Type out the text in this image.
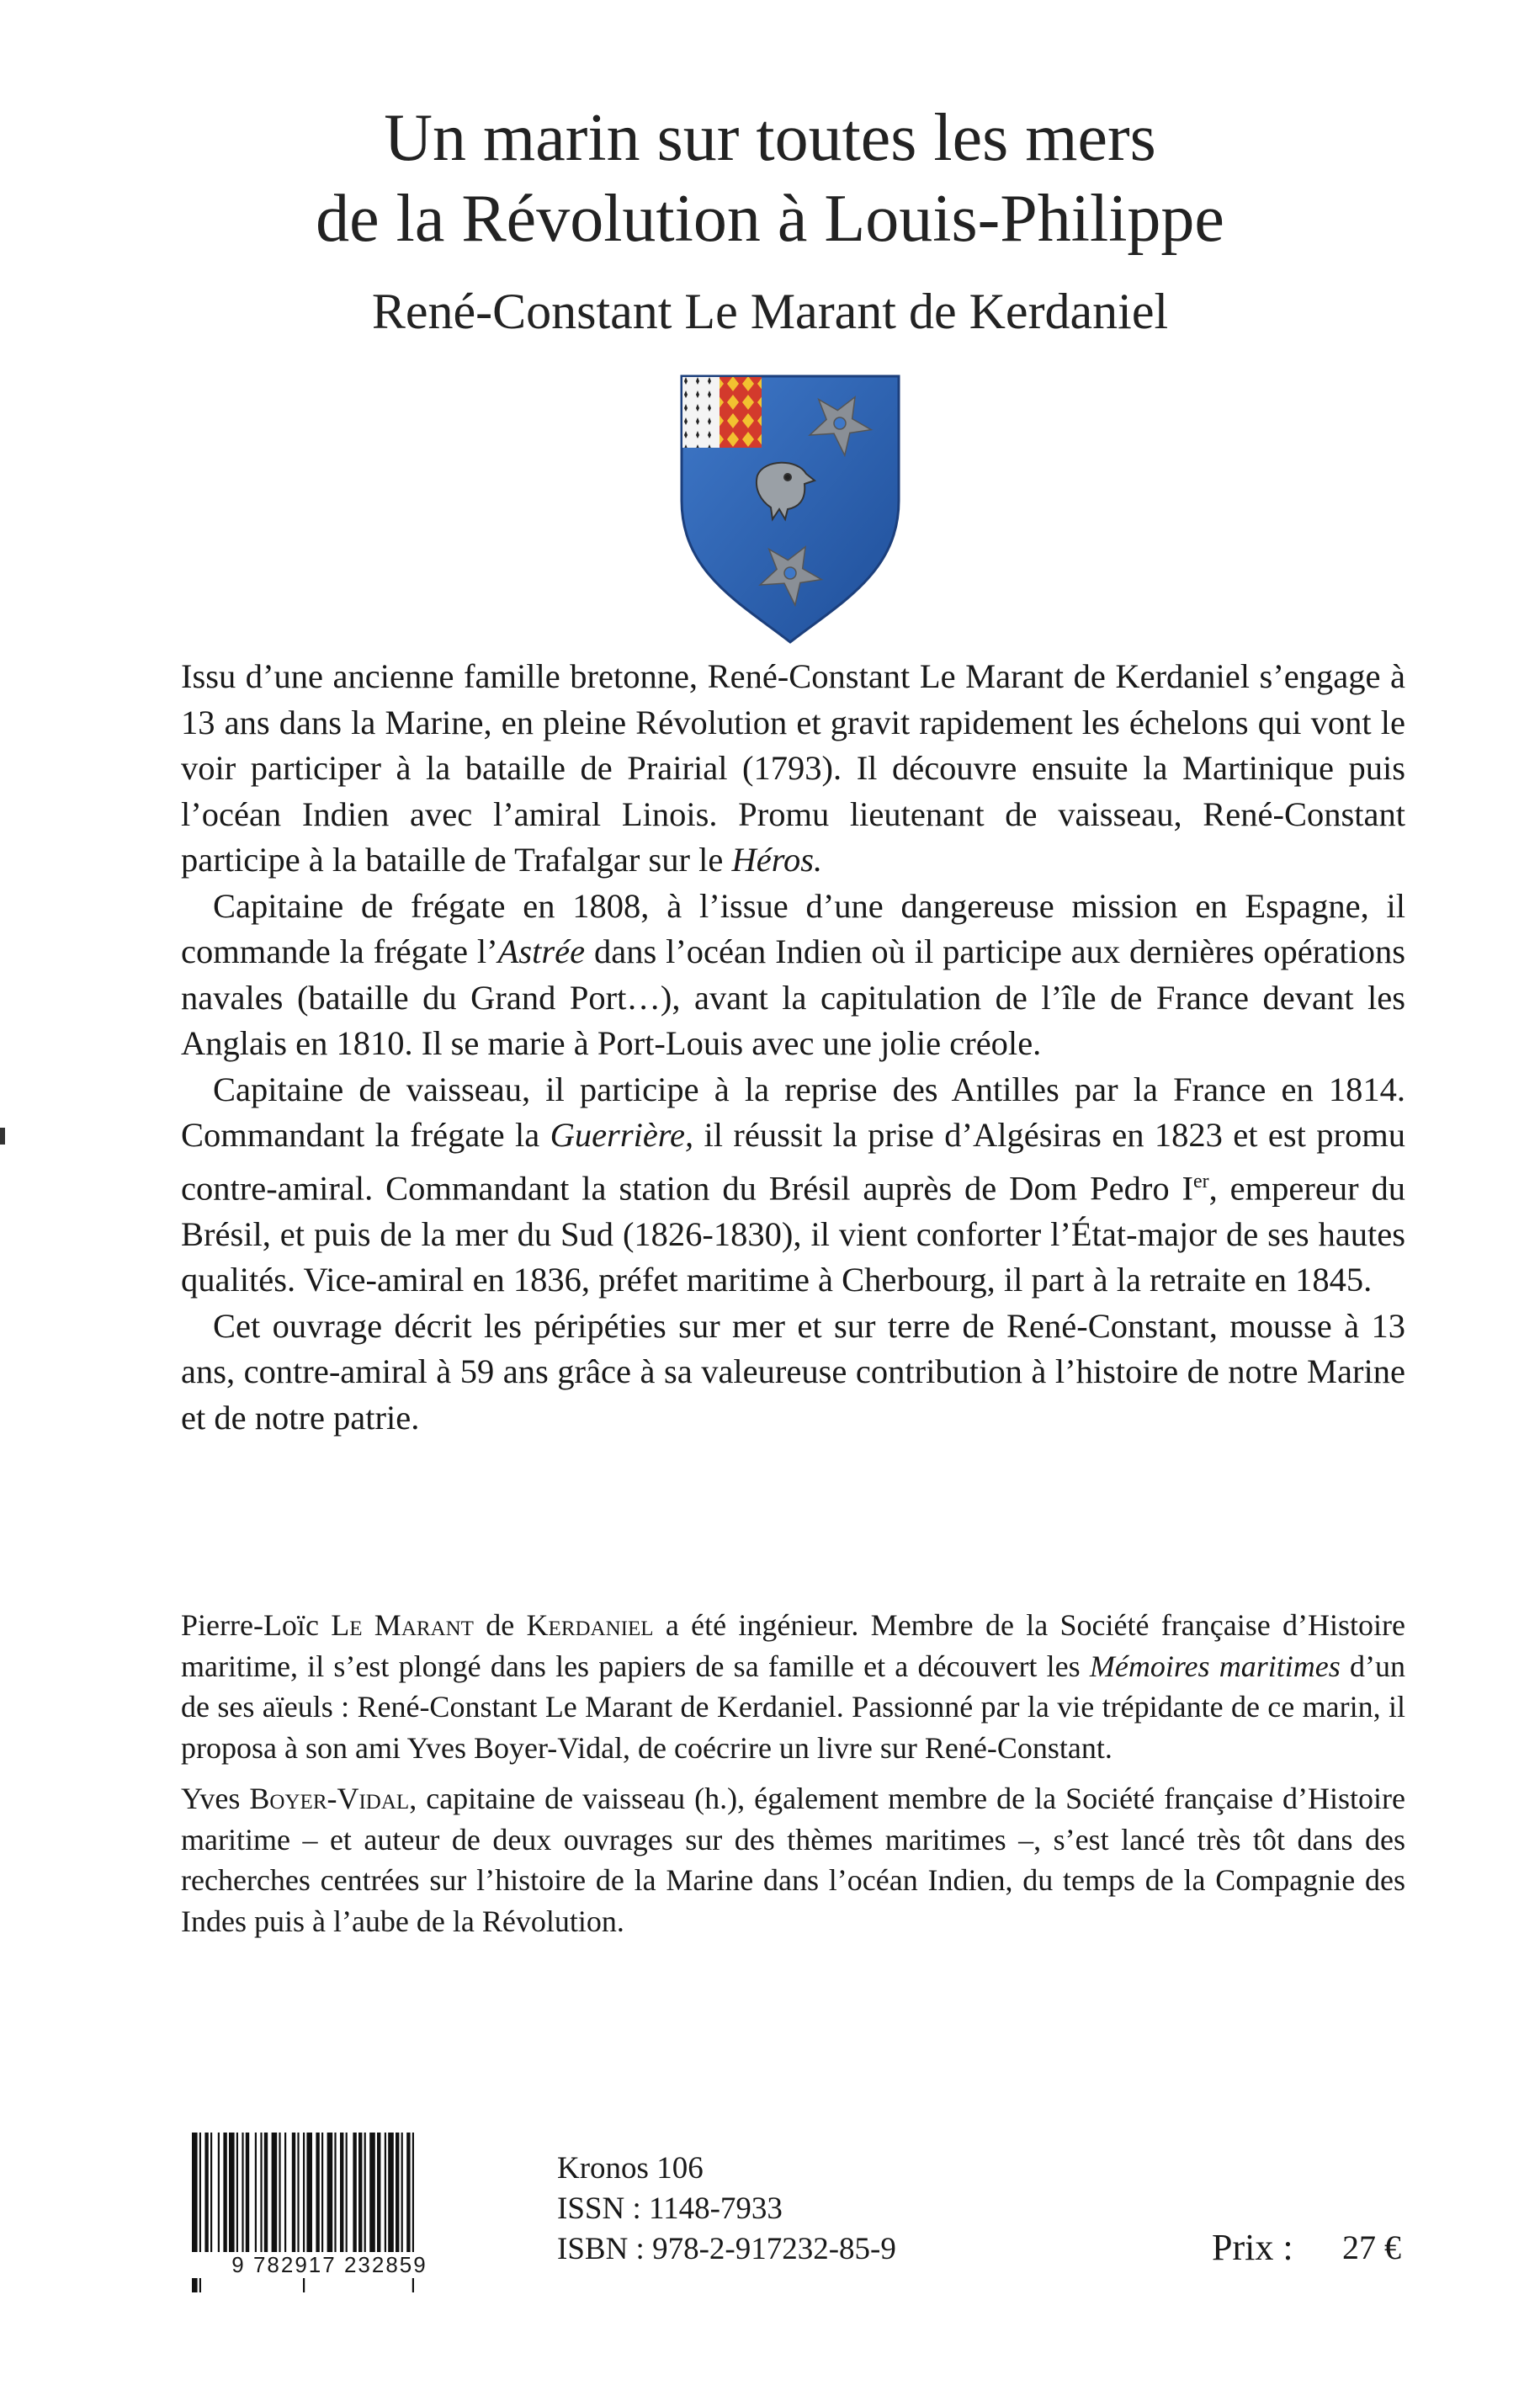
Un marin sur toutes les mers
de la Révolution à Louis-Philippe
René-Constant Le Marant de Kerdaniel

Issu d’une ancienne famille bretonne, René-Constant Le Marant de Kerdaniel s’engage à 13 ans dans la Marine, en pleine Révolution et gravit rapidement les échelons qui vont le voir participer à la bataille de Prairial (1793). Il découvre ensuite la Martinique puis l’océan Indien avec l’amiral Linois. Promu lieutenant de vaisseau, René-Constant participe à la bataille de Trafalgar sur le Héros.

Capitaine de frégate en 1808, à l’issue d’une dangereuse mission en Espagne, il commande la frégate l’Astrée dans l’océan Indien où il participe aux dernières opérations navales (bataille du Grand Port…), avant la capitulation de l’île de France devant les Anglais en 1810. Il se marie à Port-Louis avec une jolie créole.

Capitaine de vaisseau, il participe à la reprise des Antilles par la France en 1814. Commandant la frégate la Guerrière, il réussit la prise d’Algésiras en 1823 et est promu contre-amiral. Commandant la station du Brésil auprès de Dom Pedro Ier, empereur du Brésil, et puis de la mer du Sud (1826-1830), il vient conforter l’État-major de ses hautes qualités. Vice-amiral en 1836, préfet maritime à Cherbourg, il part à la retraite en 1845.

Cet ouvrage décrit les péripéties sur mer et sur terre de René-Constant, mousse à 13 ans, contre-amiral à 59 ans grâce à sa valeureuse contribution à l’histoire de notre Marine et de notre patrie.

Pierre-Loïc Le Marant de Kerdaniel a été ingénieur. Membre de la Société française d’Histoire maritime, il s’est plongé dans les papiers de sa famille et a découvert les Mémoires maritimes d’un de ses aïeuls : René-Constant Le Marant de Kerdaniel. Passionné par la vie trépidante de ce marin, il proposa à son ami Yves Boyer-Vidal, de coécrire un livre sur René-Constant.

Yves Boyer-Vidal, capitaine de vaisseau (h.), également membre de la Société française d’Histoire maritime – et auteur de deux ouvrages sur des thèmes maritimes –, s’est lancé très tôt dans des recherches centrées sur l’histoire de la Marine dans l’océan Indien, du temps de la Compagnie des Indes puis à l’aube de la Révolution.

9 782917 232859
Kronos 106
ISSN : 1148-7933
ISBN : 978-2-917232-85-9	Prix : 27 €
